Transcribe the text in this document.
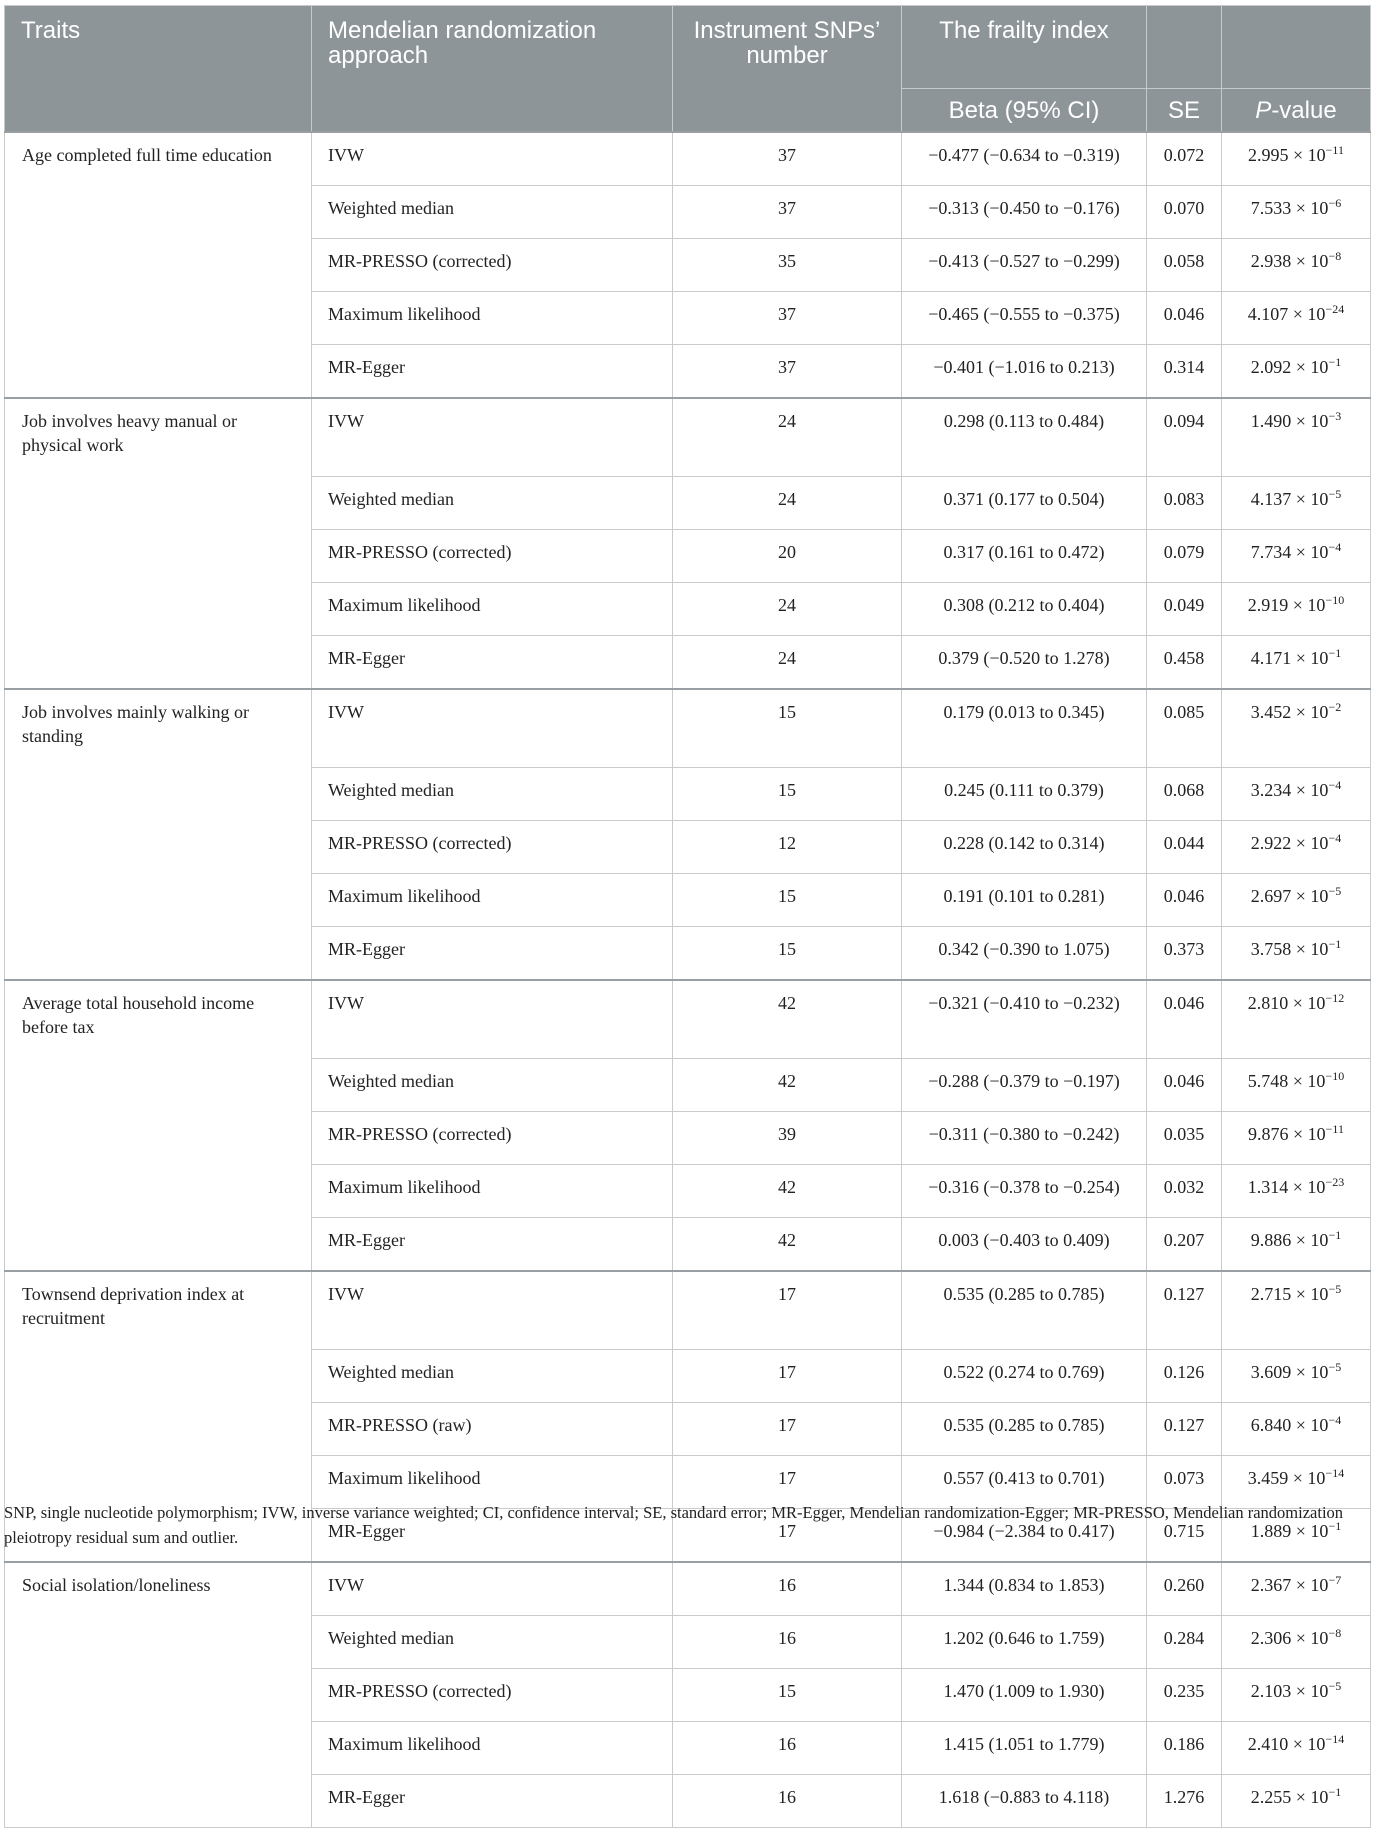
Traits	Mendelian randomization approach	Instrument SNPs’ number	The frailty index		
			Beta (95% CI)	SE	P-value
Age completed full time education	IVW	37	−0.477 (−0.634 to −0.319)	0.072	$2.995 \times 10^{-11}$
	Weighted median	37	−0.313 (−0.450 to −0.176)	0.070	$7.533 \times 10^{-6}$
	MR-PRESSO (corrected)	35	−0.413 (−0.527 to −0.299)	0.058	$2.938 \times 10^{-8}$
	Maximum likelihood	37	−0.465 (−0.555 to −0.375)	0.046	$4.107 \times 10^{-24}$
	MR-Egger	37	−0.401 (−1.016 to 0.213)	0.314	$2.092 \times 10^{-1}$
Job involves heavy manual or physical work	IVW	24	0.298 (0.113 to 0.484)	0.094	$1.490 \times 10^{-3}$
	Weighted median	24	0.371 (0.177 to 0.504)	0.083	$4.137 \times 10^{-5}$
	MR-PRESSO (corrected)	20	0.317 (0.161 to 0.472)	0.079	$7.734 \times 10^{-4}$
	Maximum likelihood	24	0.308 (0.212 to 0.404)	0.049	$2.919 \times 10^{-10}$
	MR-Egger	24	0.379 (−0.520 to 1.278)	0.458	$4.171 \times 10^{-1}$
Job involves mainly walking or standing	IVW	15	0.179 (0.013 to 0.345)	0.085	$3.452 \times 10^{-2}$
	Weighted median	15	0.245 (0.111 to 0.379)	0.068	$3.234 \times 10^{-4}$
	MR-PRESSO (corrected)	12	0.228 (0.142 to 0.314)	0.044	$2.922 \times 10^{-4}$
	Maximum likelihood	15	0.191 (0.101 to 0.281)	0.046	$2.697 \times 10^{-5}$
	MR-Egger	15	0.342 (−0.390 to 1.075)	0.373	$3.758 \times 10^{-1}$
Average total household income before tax	IVW	42	−0.321 (−0.410 to −0.232)	0.046	$2.810 \times 10^{-12}$
	Weighted median	42	−0.288 (−0.379 to −0.197)	0.046	$5.748 \times 10^{-10}$
	MR-PRESSO (corrected)	39	−0.311 (−0.380 to −0.242)	0.035	$9.876 \times 10^{-11}$
	Maximum likelihood	42	−0.316 (−0.378 to −0.254)	0.032	$1.314 \times 10^{-23}$
	MR-Egger	42	0.003 (−0.403 to 0.409)	0.207	$9.886 \times 10^{-1}$
Townsend deprivation index at recruitment	IVW	17	0.535 (0.285 to 0.785)	0.127	$2.715 \times 10^{-5}$
	Weighted median	17	0.522 (0.274 to 0.769)	0.126	$3.609 \times 10^{-5}$
	MR-PRESSO (raw)	17	0.535 (0.285 to 0.785)	0.127	$6.840 \times 10^{-4}$
	Maximum likelihood	17	0.557 (0.413 to 0.701)	0.073	$3.459 \times 10^{-14}$
	MR-Egger	17	−0.984 (−2.384 to 0.417)	0.715	$1.889 \times 10^{-1}$
Social isolation/loneliness	IVW	16	1.344 (0.834 to 1.853)	0.260	$2.367 \times 10^{-7}$
	Weighted median	16	1.202 (0.646 to 1.759)	0.284	$2.306 \times 10^{-8}$
	MR-PRESSO (corrected)	15	1.470 (1.009 to 1.930)	0.235	$2.103 \times 10^{-5}$
	Maximum likelihood	16	1.415 (1.051 to 1.779)	0.186	$2.410 \times 10^{-14}$
	MR-Egger	16	1.618 (−0.883 to 4.118)	1.276	$2.255 \times 10^{-1}$
SNP, single nucleotide polymorphism; IVW, inverse variance weighted; CI, confidence interval; SE, standard error; MR-Egger, Mendelian randomization-Egger; MR-PRESSO, Mendelian randomization pleiotropy residual sum and outlier.
